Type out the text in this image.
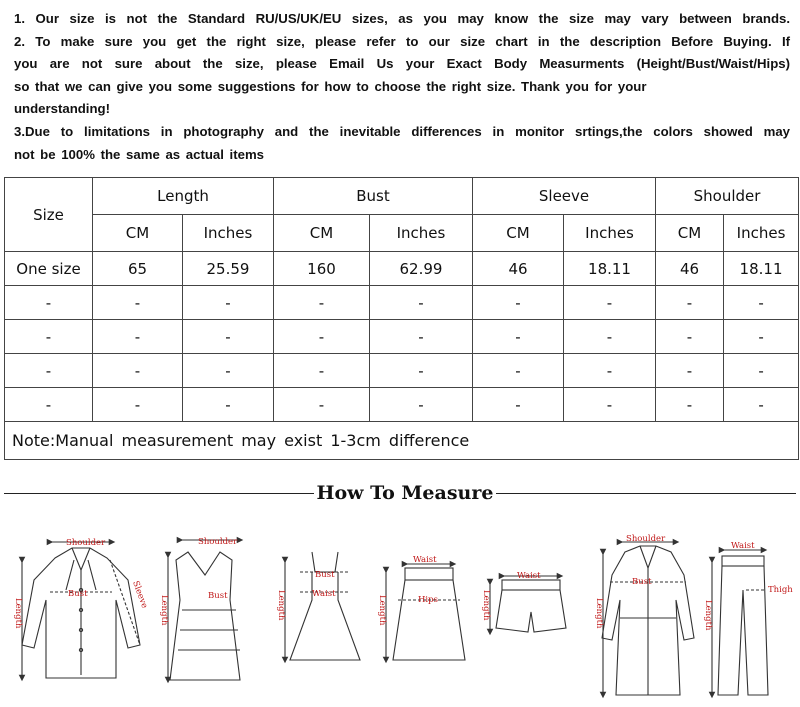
1. Our size is not the Standard RU/US/UK/EU sizes, as you may know the size may vary between brands.

2. To make sure you get the right size, please refer to our size chart in the description Before Buying. If

you are not sure about the size, please Email Us your Exact Body Measurments (Height/Bust/Waist/Hips)

so that we can give you some suggestions for how to choose the right size. Thank you for your

understanding!

3.Due to limitations in photography and the inevitable differences in monitor srtings,the colors showed may

not be 100% the same as actual items

Size	Length		Bust		Sleeve		Shoulder	
	CM	Inches	CM	Inches	CM	Inches	CM	Inches
One size	65	25.59	160	62.99	46	18.11	46	18.11
-	-	-	-	-	-	-	-	-
-	-	-	-	-	-	-	-	-
-	-	-	-	-	-	-	-	-
-	-	-	-	-	-	-	-	-
Note:Manual measurement may exist 1-3cm difference								
How To Measure
Shoulder
Bust	Sleeve
Length
Shoulder
Bust
Length
Bust
Waist
Length
Waist
Hips
Length
Waist
Length
Shoulder
Bust
Length
Waist
Thigh
Length
